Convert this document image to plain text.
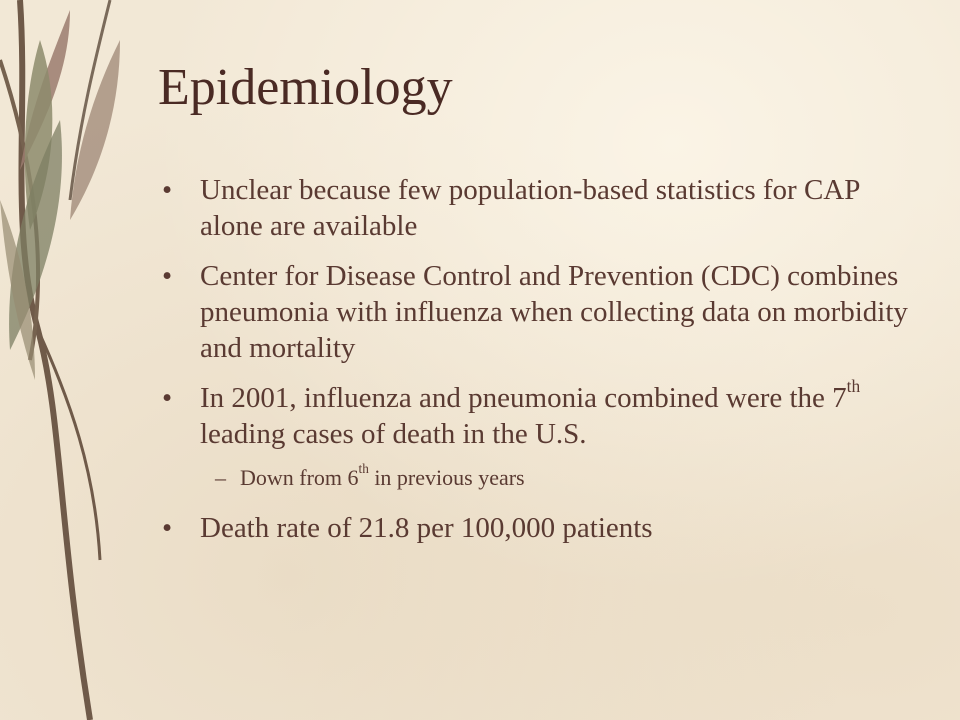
Epidemiology
• Unclear because few population-based statistics for CAP alone are available
• Center for Disease Control and Prevention (CDC) combines pneumonia with influenza when collecting data on morbidity and mortality
• In 2001, influenza and pneumonia combined were the 7th leading cases of death in the U.S.
– Down from 6th in previous years
• Death rate of 21.8 per 100,000 patients
